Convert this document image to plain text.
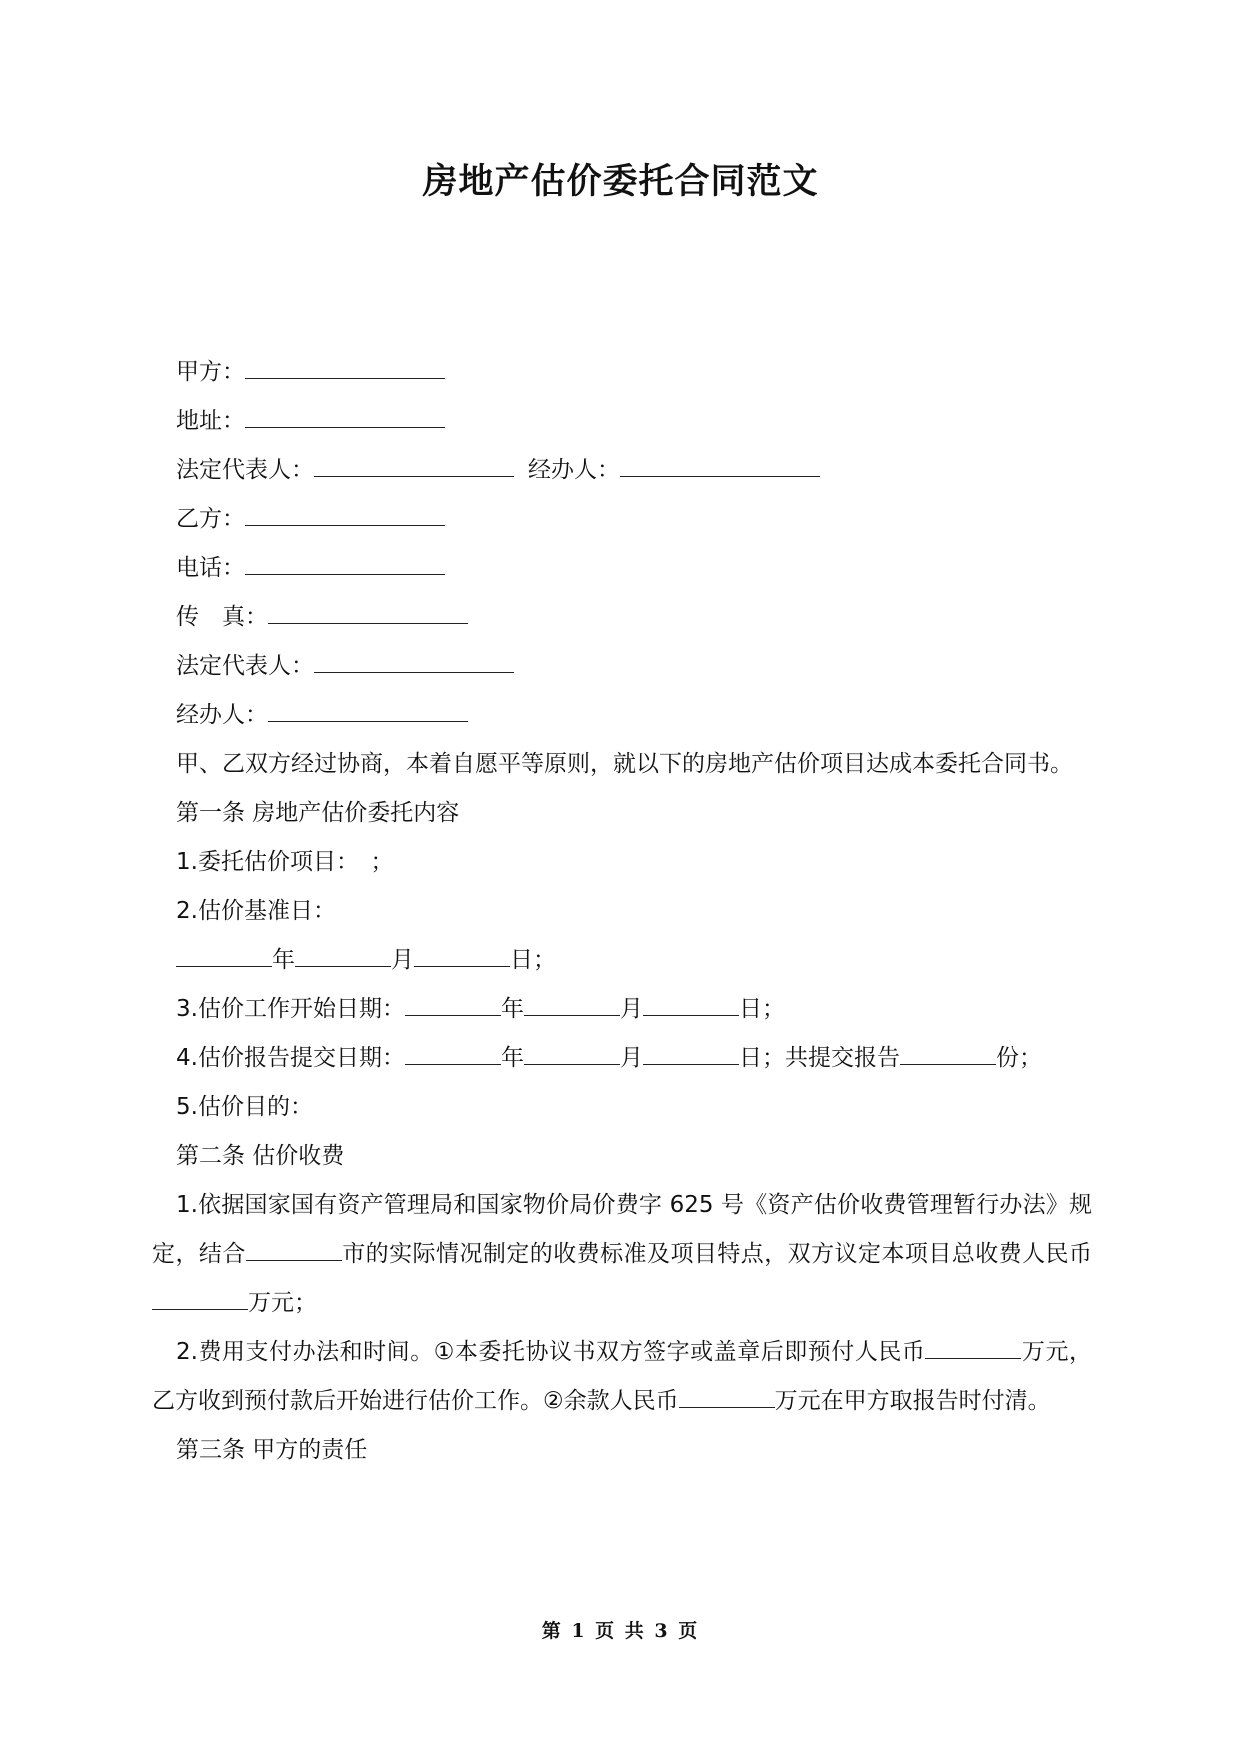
房地产估价委托合同范文
甲方：
地址：
法定代表人：	经办人：
乙方：
电话：
传　真：
法定代表人：
经办人：
甲、乙双方经过协商，本着自愿平等原则，就以下的房地产估价项目达成本委托合同书。
第一条 房地产估价委托内容
1.委托估价项目：　；
2.估价基准日：
年	月	日；
3.估价工作开始日期：	年	月	日；
4.估价报告提交日期：	年	月	日；共提交报告	份；
5.估价目的：
第二条 估价收费
1.依据国家国有资产管理局和国家物价局价费字 625 号《资产估价收费管理暂行办法》规定，结合	市的实际情况制定的收费标准及项目特点，双方议定本项目总收费人民币万元；
2.费用支付办法和时间。①本委托协议书双方签字或盖章后即预付人民币	万元，乙方收到预付款后开始进行估价工作。②余款人民币	万元在甲方取报告时付清。
第三条 甲方的责任
第 1 页 共 3 页
